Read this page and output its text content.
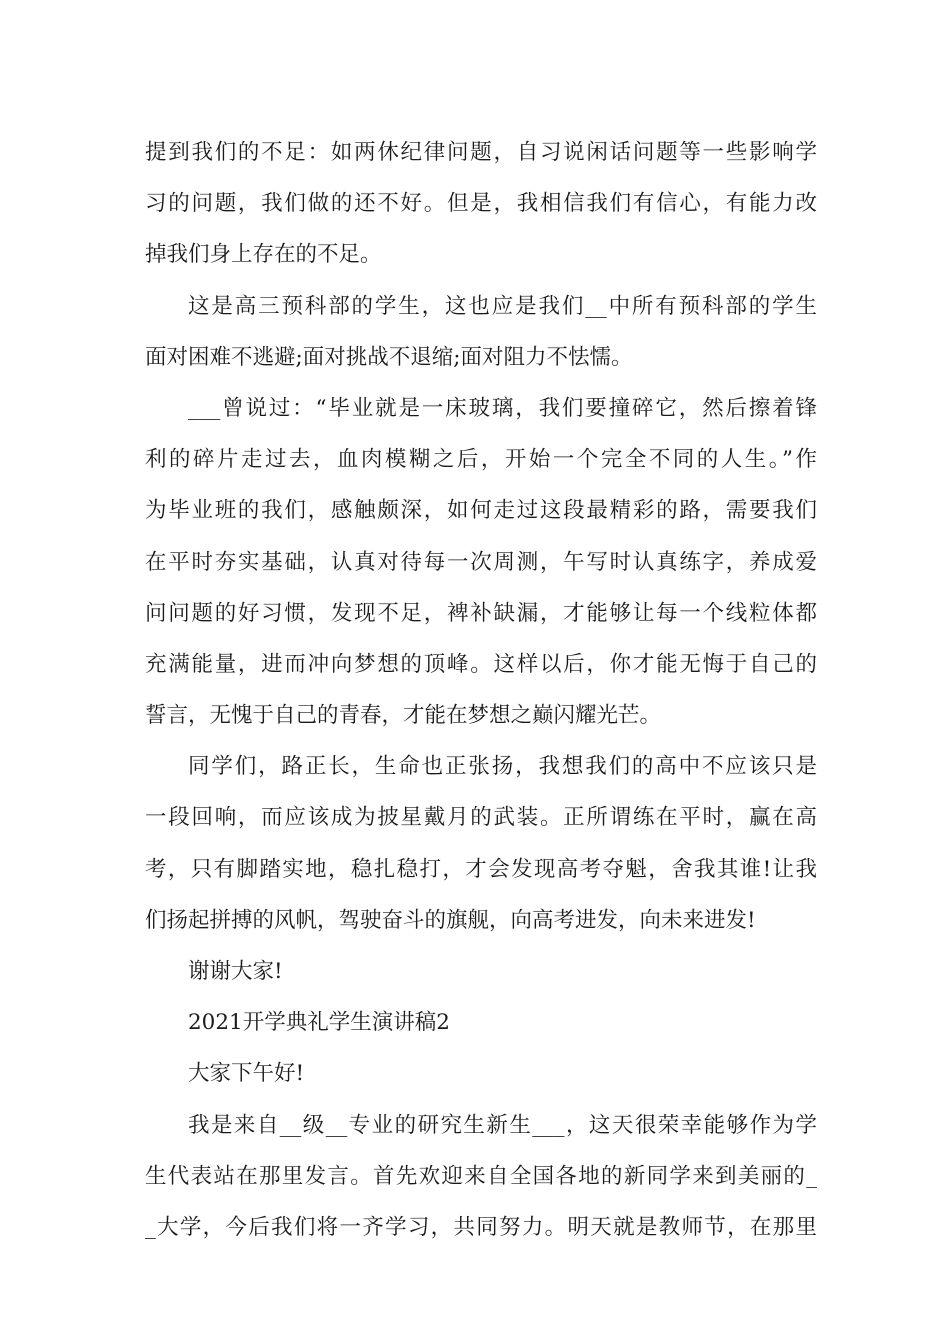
提到我们的不足：如两休纪律问题，自习说闲话问题等一些影响学
习的问题，我们做的还不好。但是，我相信我们有信心，有能力改
掉我们身上存在的不足。
这是高三预科部的学生，这也应是我们__中所有预科部的学生
面对困难不逃避;面对挑战不退缩;面对阻力不怯懦。
___曾说过：“毕业就是一床玻璃，我们要撞碎它，然后擦着锋
利的碎片走过去，血肉模糊之后，开始一个完全不同的人生。”作
为毕业班的我们，感触颇深，如何走过这段最精彩的路，需要我们
在平时夯实基础，认真对待每一次周测，午写时认真练字，养成爱
问问题的好习惯，发现不足，裨补缺漏，才能够让每一个线粒体都
充满能量，进而冲向梦想的顶峰。这样以后，你才能无悔于自己的
誓言，无愧于自己的青春，才能在梦想之巅闪耀光芒。
同学们，路正长，生命也正张扬，我想我们的高中不应该只是
一段回响，而应该成为披星戴月的武装。正所谓练在平时，赢在高
考，只有脚踏实地，稳扎稳打，才会发现高考夺魁，舍我其谁!让我
们扬起拼搏的风帆，驾驶奋斗的旗舰，向高考进发，向未来进发!
谢谢大家!
2021开学典礼学生演讲稿2
大家下午好!
我是来自__级__专业的研究生新生___，这天很荣幸能够作为学
生代表站在那里发言。首先欢迎来自全国各地的新同学来到美丽的_
_大学，今后我们将一齐学习，共同努力。明天就是教师节，在那里
